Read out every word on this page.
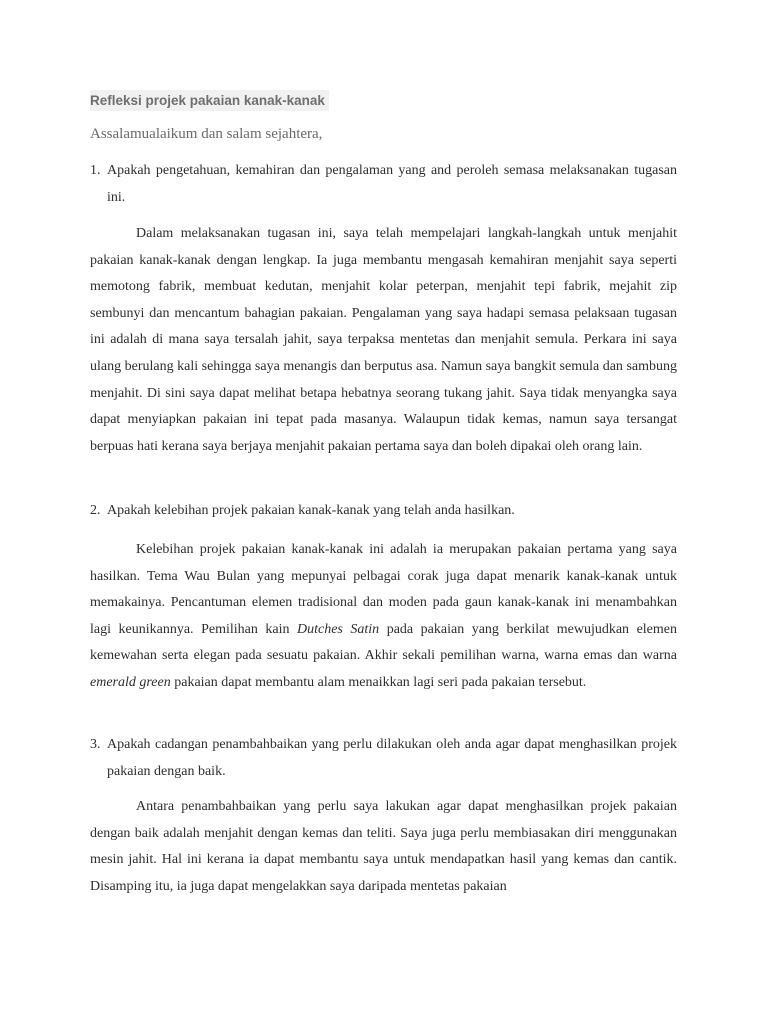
Refleksi projek pakaian kanak-kanak

Assalamualaikum dan salam sejahtera,

1. Apakah pengetahuan, kemahiran dan pengalaman yang and peroleh semasa melaksanakan tugasan ini.

Dalam melaksanakan tugasan ini, saya telah mempelajari langkah-langkah untuk menjahit pakaian kanak-kanak dengan lengkap. Ia juga membantu mengasah kemahiran menjahit saya seperti memotong fabrik, membuat kedutan, menjahit kolar peterpan, menjahit tepi fabrik, mejahit zip sembunyi dan mencantum bahagian pakaian. Pengalaman yang saya hadapi semasa pelaksaan tugasan ini adalah di mana saya tersalah jahit, saya terpaksa mentetas dan menjahit semula. Perkara ini saya ulang berulang kali sehingga saya menangis dan berputus asa. Namun saya bangkit semula dan sambung menjahit. Di sini saya dapat melihat betapa hebatnya seorang tukang jahit. Saya tidak menyangka saya dapat menyiapkan pakaian ini tepat pada masanya. Walaupun tidak kemas, namun saya tersangat berpuas hati kerana saya berjaya menjahit pakaian pertama saya dan boleh dipakai oleh orang lain.

2. Apakah kelebihan projek pakaian kanak-kanak yang telah anda hasilkan.

Kelebihan projek pakaian kanak-kanak ini adalah ia merupakan pakaian pertama yang saya hasilkan. Tema Wau Bulan yang mepunyai pelbagai corak juga dapat menarik kanak-kanak untuk memakainya. Pencantuman elemen tradisional dan moden pada gaun kanak-kanak ini menambahkan lagi keunikannya. Pemilihan kain Dutches Satin pada pakaian yang berkilat mewujudkan elemen kemewahan serta elegan pada sesuatu pakaian. Akhir sekali pemilihan warna, warna emas dan warna emerald green pakaian dapat membantu alam menaikkan lagi seri pada pakaian tersebut.

3. Apakah cadangan penambahbaikan yang perlu dilakukan oleh anda agar dapat menghasilkan projek pakaian dengan baik.

Antara penambahbaikan yang perlu saya lakukan agar dapat menghasilkan projek pakaian dengan baik adalah menjahit dengan kemas dan teliti. Saya juga perlu membiasakan diri menggunakan mesin jahit. Hal ini kerana ia dapat membantu saya untuk mendapatkan hasil yang kemas dan cantik. Disamping itu, ia juga dapat mengelakkan saya daripada mentetas pakaian
